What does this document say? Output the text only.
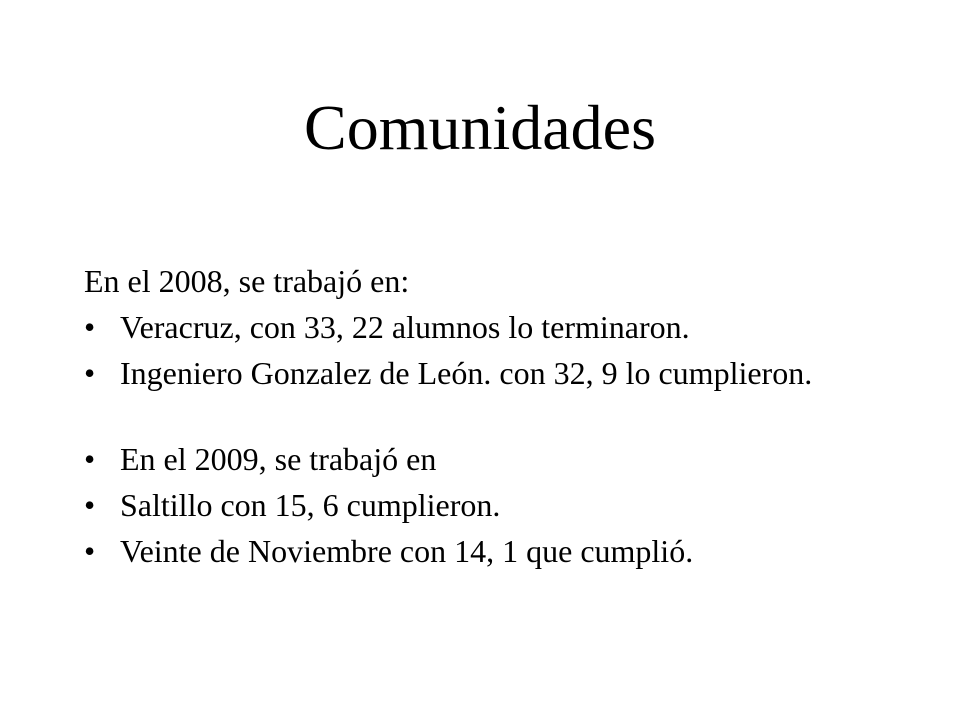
Comunidades
En el 2008, se trabajó en:
• Veracruz, con 33, 22 alumnos lo terminaron.
• Ingeniero Gonzalez de León. con 32, 9 lo cumplieron.
• En el 2009, se trabajó en
• Saltillo con 15, 6 cumplieron.
• Veinte de Noviembre con 14, 1 que cumplió.
